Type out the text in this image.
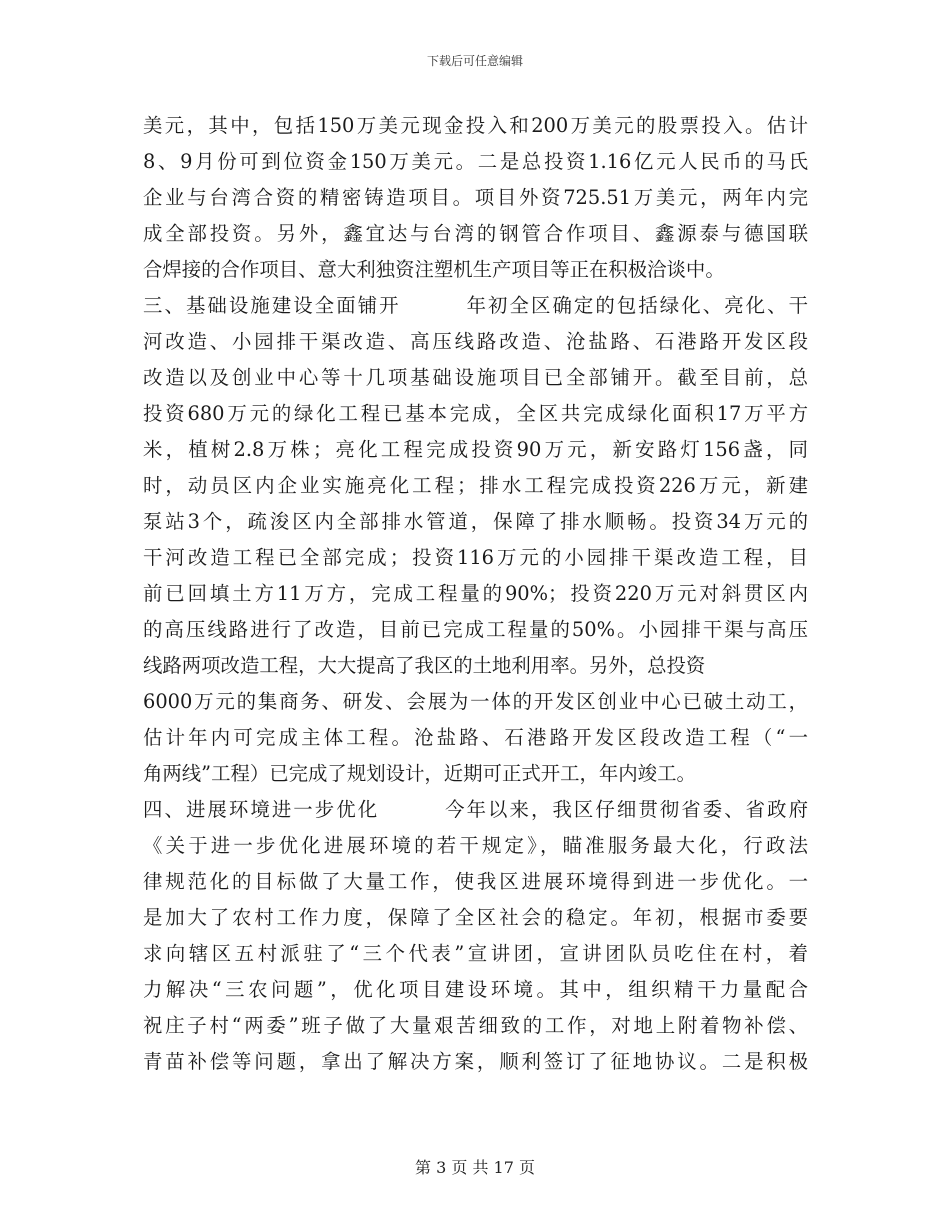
下载后可任意编辑
美元，其中，包括150万美元现金投入和200万美元的股票投入。估计
8、9月份可到位资金150万美元。二是总投资1.16亿元人民币的马氏
企业与台湾合资的精密铸造项目。项目外资725.51万美元，两年内完
成全部投资。另外，鑫宜达与台湾的钢管合作项目、鑫源泰与德国联
合焊接的合作项目、意大利独资注塑机生产项目等正在积极洽谈中。
三、基础设施建设全面铺开        年初全区确定的包括绿化、亮化、干
河改造、小园排干渠改造、高压线路改造、沧盐路、石港路开发区段
改造以及创业中心等十几项基础设施项目已全部铺开。截至目前，总
投资680万元的绿化工程已基本完成，全区共完成绿化面积17万平方
米，植树2.8万株；亮化工程完成投资90万元，新安路灯156盏，同
时，动员区内企业实施亮化工程；排水工程完成投资226万元，新建
泵站3个，疏浚区内全部排水管道，保障了排水顺畅。投资34万元的
干河改造工程已全部完成；投资116万元的小园排干渠改造工程，目
前已回填土方11万方，完成工程量的90%；投资220万元对斜贯区内
的高压线路进行了改造，目前已完成工程量的50%。小园排干渠与高压
线路两项改造工程，大大提高了我区的土地利用率。另外，总投资
6000万元的集商务、研发、会展为一体的开发区创业中心已破土动工，
估计年内可完成主体工程。沧盐路、石港路开发区段改造工程（“一
角两线”工程）已完成了规划设计，近期可正式开工，年内竣工。
四、进展环境进一步优化        今年以来，我区仔细贯彻省委、省政府
《关于进一步优化进展环境的若干规定》，瞄准服务最大化，行政法
律规范化的目标做了大量工作，使我区进展环境得到进一步优化。一
是加大了农村工作力度，保障了全区社会的稳定。年初，根据市委要
求向辖区五村派驻了“三个代表”宣讲团，宣讲团队员吃住在村，着
力解决“三农问题”，优化项目建设环境。其中，组织精干力量配合
祝庄子村“两委”班子做了大量艰苦细致的工作，对地上附着物补偿、
青苗补偿等问题，拿出了解决方案，顺利签订了征地协议。二是积极
第 3 页 共 17 页
